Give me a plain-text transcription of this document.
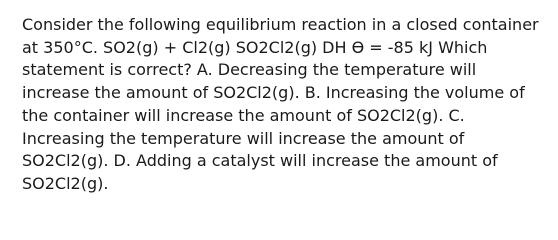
Consider the following equilibrium reaction in a closed container
at 350°C. SO2(g) + Cl2(g) SO2Cl2(g) DH Ө = -85 kJ Which
statement is correct? A. Decreasing the temperature will
increase the amount of SO2Cl2(g). B. Increasing the volume of
the container will increase the amount of SO2Cl2(g). C.
Increasing the temperature will increase the amount of
SO2Cl2(g). D. Adding a catalyst will increase the amount of
SO2Cl2(g).
